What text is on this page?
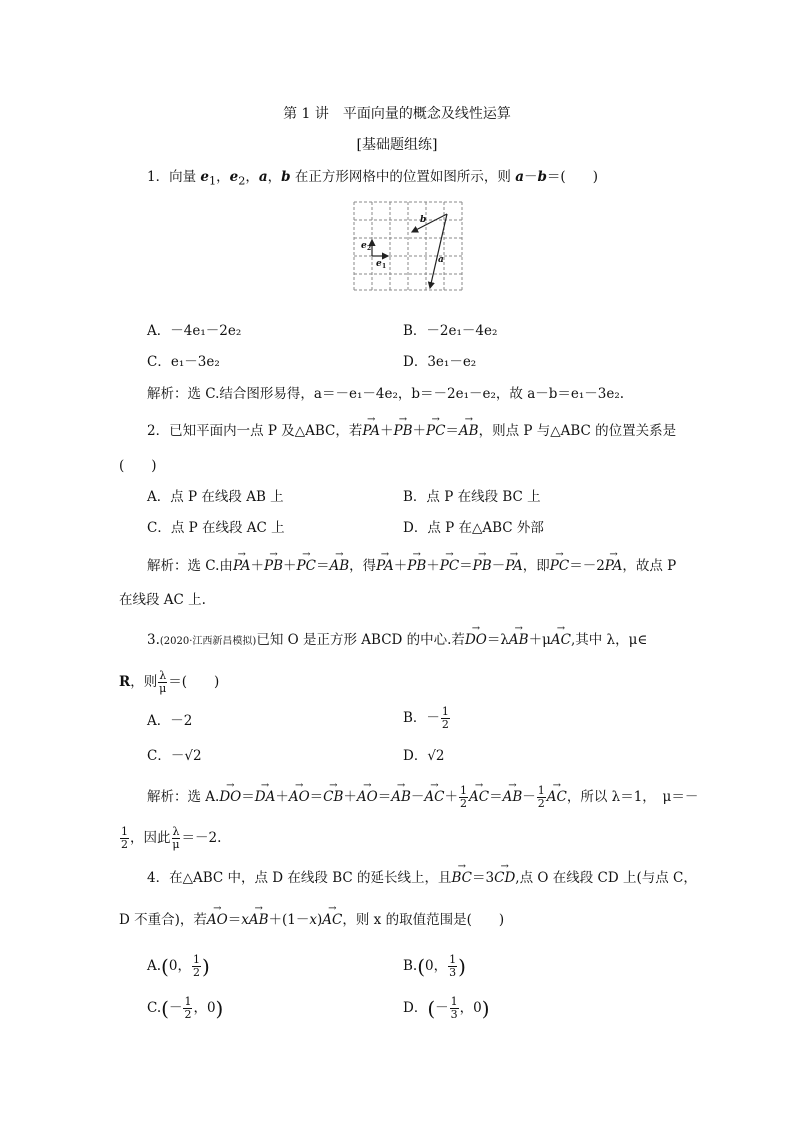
第 1 讲　平面向量的概念及线性运算
[基础题组练]
1．向量 $e_1$，$e_2$，a，b 在正方形网格中的位置如图所示，则 a－b＝(　　)
b
e 2
e 1
a
A．－4e₁－2e₂	B．－2e₁－4e₂
C．e₁－3e₂	D．3e₁－e₂
解析：选 C.结合图形易得，a＝－e₁－4e₂，b＝－2e₁－e₂，故 a－b＝e₁－3e₂.
2．已知平面内一点 P 及△ABC，若→ PA＋→ PB＋→ PC＝→ AB，则点 P 与△ABC 的位置关系是
(　　)
A．点 P 在线段 AB 上	B．点 P 在线段 BC 上
C．点 P 在线段 AC 上	D．点 P 在△ABC 外部
解析：选 C.由→ PA＋→ PB＋→ PC＝→ AB，得→ PA＋→ PB＋→ PC＝→ PB－→ PA，即→ PC＝－2→ PA，故点 P
在线段 AC 上.
3.(2020·江西新昌模拟)已知 O 是正方形 ABCD 的中心.若→ DO＝λ→ AB＋μ→ AC,其中 λ，μ∈
R，则 $\frac{\lambda}{\mu}$ ＝(　　)
A．－2	B．－ $\frac{1}{2}$
C．－√2	D．√2
解析：选 $A.\to DO=\to DA+\to AO=\to CB+\to AO=\to AB-\to AC+ \frac{1}{2}$
→ $AC=\to AB- \frac{1}{2}$
→ AC，所以 λ＝1，　μ＝－
$\frac{1}{2}$ ，因此 $\frac{\lambda}{\mu} =-2$.
4．在△ABC 中，点 D 在线段 BC 的延长线上，且→ BC＝3→ CD,点 O 在线段 CD 上(与点 C，
D 不重合)，若→ AO＝x→ AB＋(1－x)→ AC，则 x 的取值范围是(　　)
A.(0， $\frac{1}{2}$ )	B.(0， $\frac{1}{3}$ )
$C.(- \frac{1}{2}$ ，0)	D．(－ $\frac{1}{3}$ ，0)
